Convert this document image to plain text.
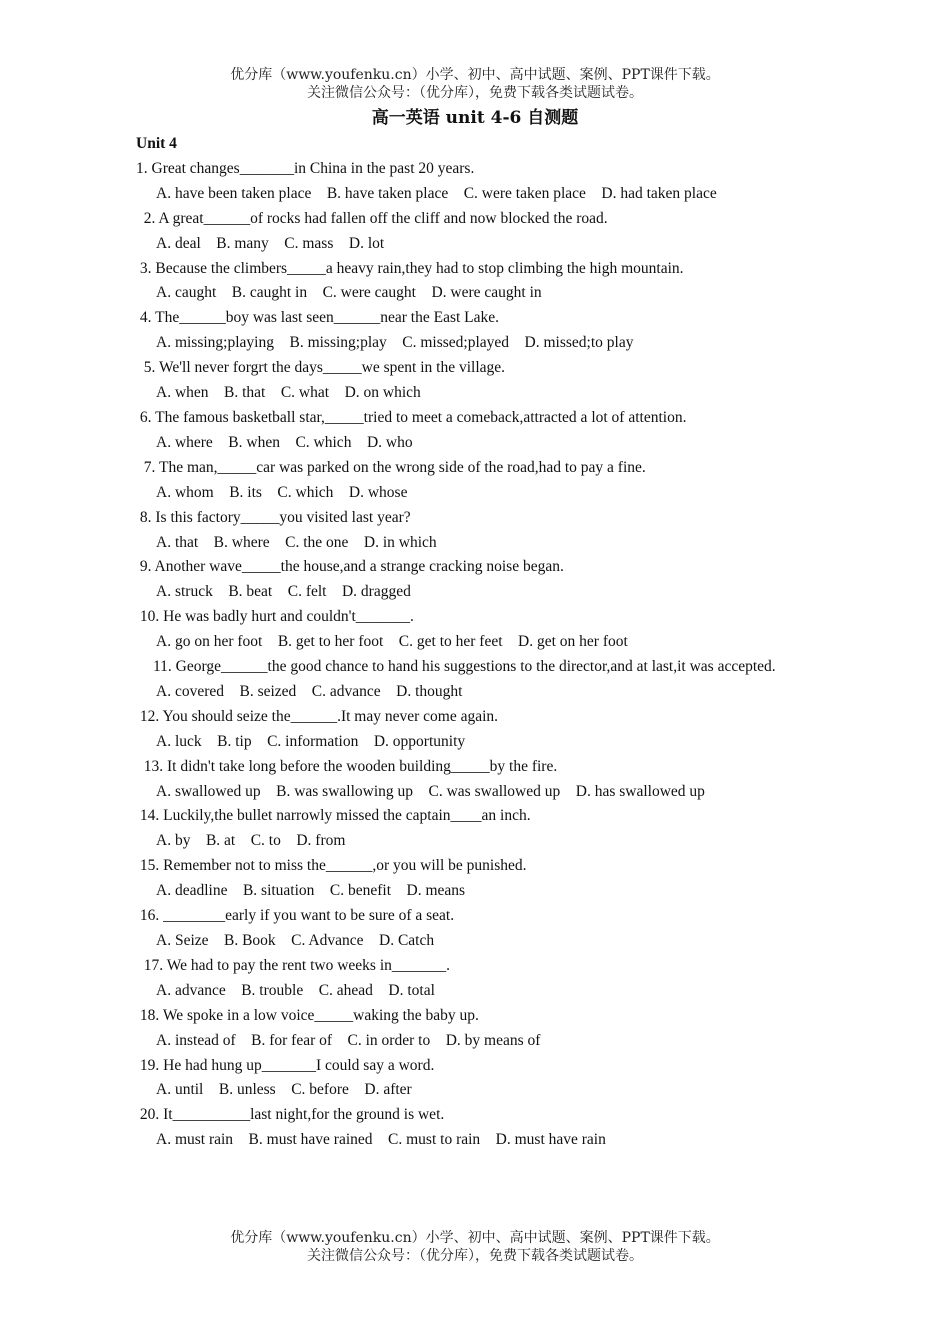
优分库（www.youfenku.cn）小学、初中、高中试题、案例、PPT课件下载。
关注微信公众号：（优分库），免费下载各类试题试卷。
高一英语 unit 4-6 自测题
Unit 4
1. Great changes_______in China in the past 20 years.
A. have been taken place    B. have taken place    C. were taken place    D. had taken place
2. A great______of rocks had fallen off the cliff and now blocked the road.
A. deal    B. many    C. mass    D. lot
3. Because the climbers_____a heavy rain,they had to stop climbing the high mountain.
A. caught    B. caught in    C. were caught    D. were caught in
4. The______boy was last seen______near the East Lake.
A. missing;playing    B. missing;play    C. missed;played    D. missed;to play
5. We'll never forgrt the days_____we spent in the village.
A. when    B. that    C. what    D. on which
6. The famous basketball star,_____tried to meet a comeback,attracted a lot of attention.
A. where    B. when    C. which    D. who
7. The man,_____car was parked on the wrong side of the road,had to pay a fine.
A. whom    B. its    C. which    D. whose
8. Is this factory_____you visited last year?
A. that    B. where    C. the one    D. in which
9. Another wave_____the house,and a strange cracking noise began.
A. struck    B. beat    C. felt    D. dragged
10. He was badly hurt and couldn't_______.
A. go on her foot    B. get to her foot    C. get to her feet    D. get on her foot
11. George______the good chance to hand his suggestions to the director,and at last,it was accepted.
A. covered    B. seized    C. advance    D. thought
12. You should seize the______.It may never come again.
A. luck    B. tip    C. information    D. opportunity
13. It didn't take long before the wooden building_____by the fire.
A. swallowed up    B. was swallowing up    C. was swallowed up    D. has swallowed up
14. Luckily,the bullet narrowly missed the captain____an inch.
A. by    B. at    C. to    D. from
15. Remember not to miss the______,or you will be punished.
A. deadline    B. situation    C. benefit    D. means
16. ________early if you want to be sure of a seat.
A. Seize    B. Book    C. Advance    D. Catch
17. We had to pay the rent two weeks in_______.
A. advance    B. trouble    C. ahead    D. total
18. We spoke in a low voice_____waking the baby up.
A. instead of    B. for fear of    C. in order to    D. by means of
19. He had hung up_______I could say a word.
A. until    B. unless    C. before    D. after
20. It__________last night,for the ground is wet.
A. must rain    B. must have rained    C. must to rain    D. must have rain
优分库（www.youfenku.cn）小学、初中、高中试题、案例、PPT课件下载。
关注微信公众号：（优分库），免费下载各类试题试卷。
